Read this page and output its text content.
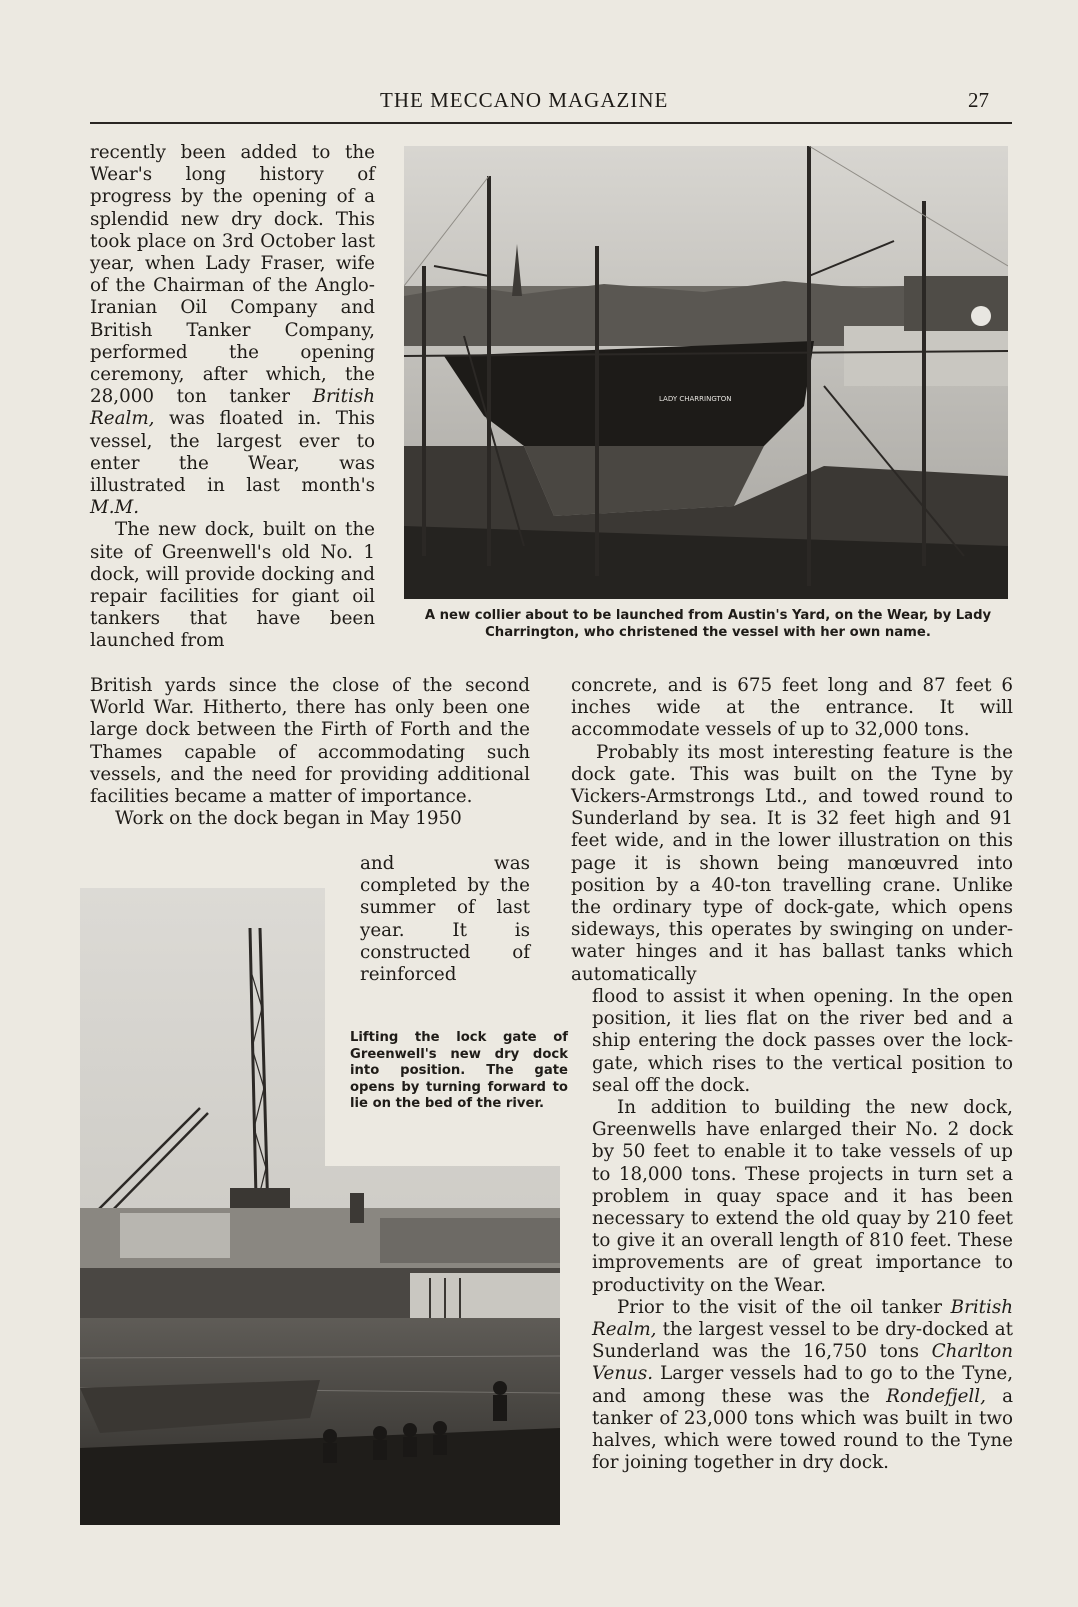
THE MECCANO MAGAZINE	27

recently been added to the Wear's long history of progress by the opening of a splendid new dry dock. This took place on 3rd October last year, when Lady Fraser, wife of the Chairman of the Anglo-Iranian Oil Company and British Tanker Company, performed the opening ceremony, after which, the 28,000 ton tanker British Realm, was floated in. This vessel, the largest ever to enter the Wear, was illustrated in last month's M.M.

The new dock, built on the site of Greenwell's old No. 1 dock, will provide docking and repair facilities for giant oil tankers that have been launched from

LADY CHARRINGTON

A new collier about to be launched from Austin's Yard, on the Wear, by Lady Charrington, who christened the vessel with her own name.

British yards since the close of the second World War. Hitherto, there has only been one large dock between the Firth of Forth and the Thames capable of accommodating such vessels, and the need for providing additional facilities became a matter of importance.

Work on the dock began in May 1950

and was completed by the summer of last year. It is constructed of reinforced

Lifting the lock gate of Greenwell's new dry dock into position. The gate opens by turning forward to lie on the bed of the river.

concrete, and is 675 feet long and 87 feet 6 inches wide at the entrance. It will accommodate vessels of up to 32,000 tons.

Probably its most interesting feature is the dock gate. This was built on the Tyne by Vickers-Armstrongs Ltd., and towed round to Sunderland by sea. It is 32 feet high and 91 feet wide, and in the lower illustration on this page it is shown being manœuvred into position by a 40-ton travelling crane. Unlike the ordinary type of dock-gate, which opens sideways, this operates by swinging on under-water hinges and it has ballast tanks which automatically

flood to assist it when opening. In the open position, it lies flat on the river bed and a ship entering the dock passes over the lock-gate, which rises to the vertical position to seal off the dock.

In addition to building the new dock, Greenwells have enlarged their No. 2 dock by 50 feet to enable it to take vessels of up to 18,000 tons. These projects in turn set a problem in quay space and it has been necessary to extend the old quay by 210 feet to give it an overall length of 810 feet. These improvements are of great importance to productivity on the Wear.

Prior to the visit of the oil tanker British Realm, the largest vessel to be dry-docked at Sunderland was the 16,750 tons Charlton Venus. Larger vessels had to go to the Tyne, and among these was the Rondefjell, a tanker of 23,000 tons which was built in two halves, which were towed round to the Tyne for joining together in dry dock.
